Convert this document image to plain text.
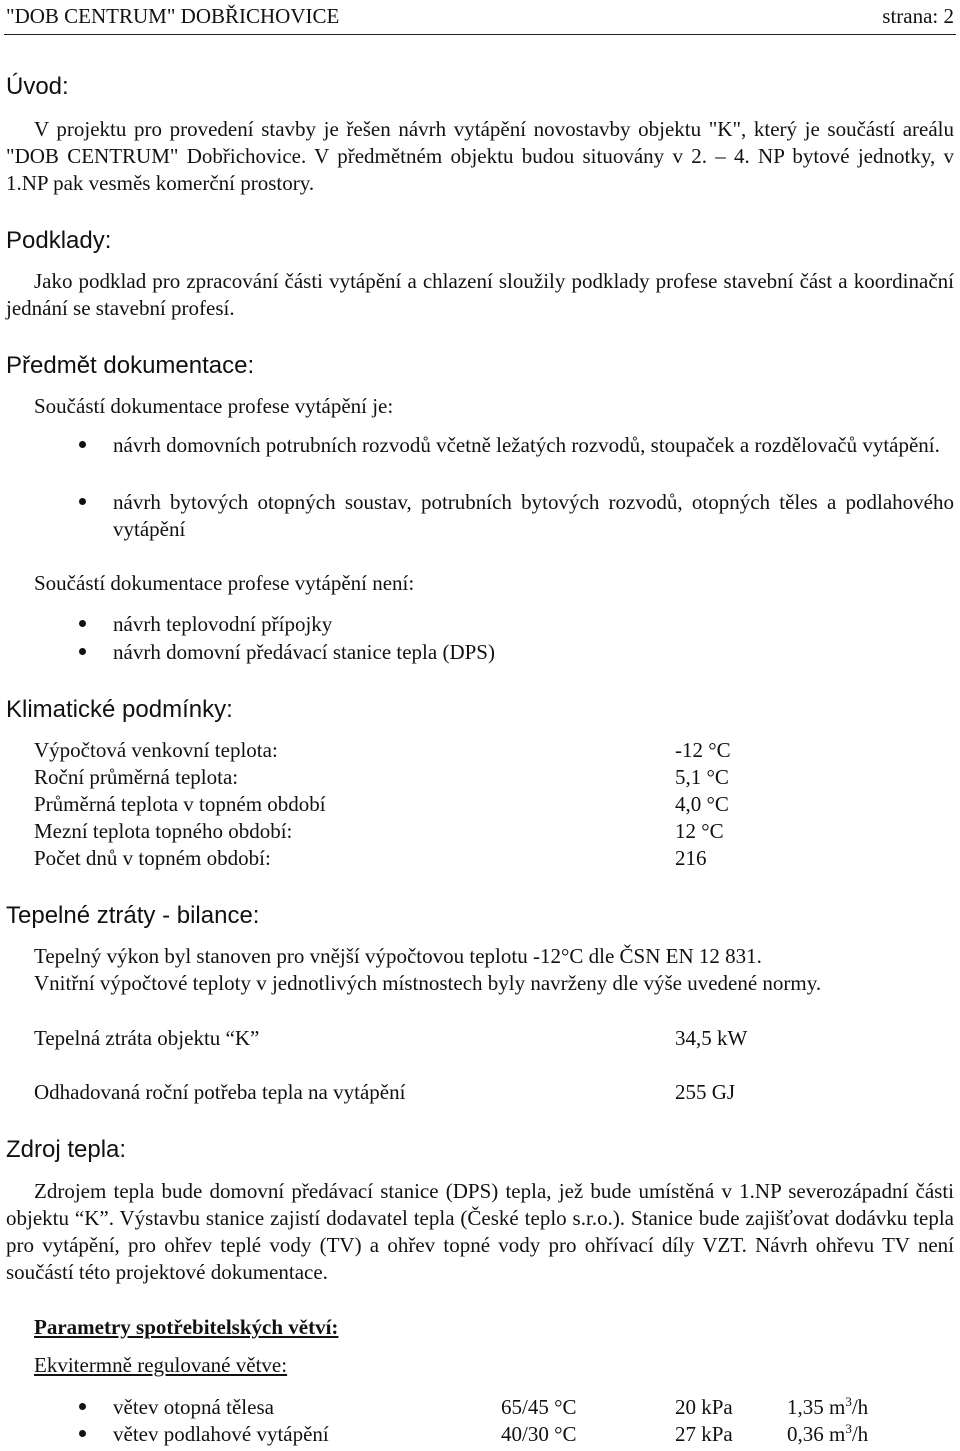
"DOB CENTRUM" DOBŘICHOVICE	strana: 2
Úvod:

V projektu pro provedení stavby je řešen návrh vytápění novostavby objektu "K", který je součástí areálu "DOB CENTRUM" Dobřichovice. V předmětném objektu budou situovány v 2. – 4. NP bytové jednotky, v 1.NP pak vesměs komerční prostory.

Podklady:

Jako podklad pro zpracování části vytápění a chlazení sloužily podklady profese stavební část a koordinační jednání se stavební profesí.

Předmět dokumentace:

Součástí dokumentace profese vytápění je:

návrh domovních potrubních rozvodů včetně ležatých rozvodů, stoupaček a rozdělovačů vytápění.

návrh bytových otopných soustav, potrubních bytových rozvodů, otopných těles a podlahového vytápění

Součástí dokumentace profese vytápění není:

návrh teplovodní přípojky

návrh domovní předávací stanice tepla (DPS)

Klimatické podmínky:
Výpočtová venkovní teplota:	-12 °C
Roční průměrná teplota:	5,1 °C
Průměrná teplota v topném období	4,0 °C
Mezní teplota topného období:	12 °C
Počet dnů v topném období:	216
Tepelné ztráty - bilance:

Tepelný výkon byl stanoven pro vnější výpočtovou teplotu -12°C dle ČSN EN 12 831.

Vnitřní výpočtové teploty v jednotlivých místnostech byly navrženy dle výše uvedené normy.

Tepelná ztráta objektu “K”	34,5 kW
Odhadovaná roční potřeba tepla na vytápění	255 GJ
Zdroj tepla:

Zdrojem tepla bude domovní předávací stanice (DPS) tepla, jež bude umístěná v 1.NP severozápadní části objektu “K”. Výstavbu stanice zajistí dodavatel tepla (České teplo s.r.o.). Stanice bude zajišťovat dodávku tepla pro vytápění, pro ohřev teplé vody (TV) a ohřev topné vody pro ohřívací díly VZT. Návrh ohřevu TV není součástí této projektové dokumentace.

Parametry spotřebitelských větví:
Ekvitermně regulované větve:
větev otopná tělesa	65/45 °C	20 kPa	1,35 $m^3/h$
větev podlahové vytápění	40/30 °C	27 kPa	0,36 $m^3/h$
